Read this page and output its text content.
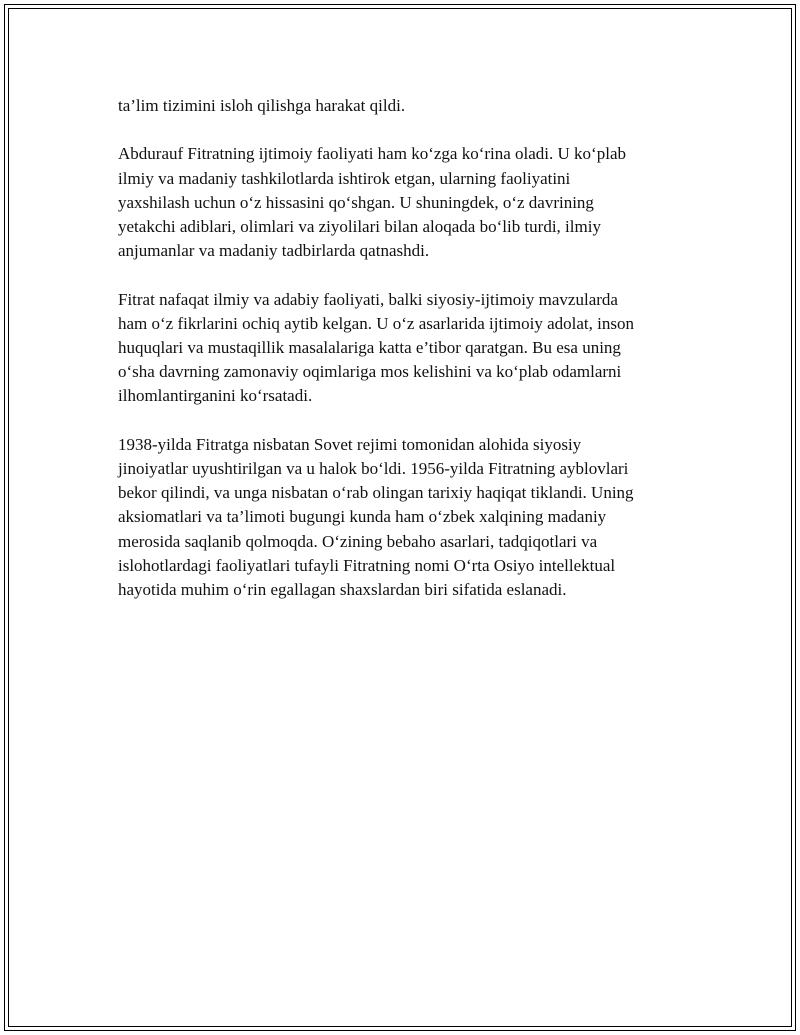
ta’lim tizimini isloh qilishga harakat qildi.

Abdurauf Fitratning ijtimoiy faoliyati ham ko‘zga ko‘rina oladi. U ko‘plab
ilmiy va madaniy tashkilotlarda ishtirok etgan, ularning faoliyatini
yaxshilash uchun o‘z hissasini qo‘shgan. U shuningdek, o‘z davrining
yetakchi adiblari, olimlari va ziyolilari bilan aloqada bo‘lib turdi, ilmiy
anjumanlar va madaniy tadbirlarda qatnashdi.

Fitrat nafaqat ilmiy va adabiy faoliyati, balki siyosiy-ijtimoiy mavzularda
ham o‘z fikrlarini ochiq aytib kelgan. U o‘z asarlarida ijtimoiy adolat, inson
huquqlari va mustaqillik masalalariga katta e’tibor qaratgan. Bu esa uning
o‘sha davrning zamonaviy oqimlariga mos kelishini va ko‘plab odamlarni
ilhomlantirganini ko‘rsatadi.

1938-yilda Fitratga nisbatan Sovet rejimi tomonidan alohida siyosiy
jinoiyatlar uyushtirilgan va u halok bo‘ldi. 1956-yilda Fitratning ayblovlari
bekor qilindi, va unga nisbatan o‘rab olingan tarixiy haqiqat tiklandi. Uning
aksiomatlari va ta’limoti bugungi kunda ham o‘zbek xalqining madaniy
merosida saqlanib qolmoqda. O‘zining bebaho asarlari, tadqiqotlari va
islohotlardagi faoliyatlari tufayli Fitratning nomi O‘rta Osiyo intellektual
hayotida muhim o‘rin egallagan shaxslardan biri sifatida eslanadi.
